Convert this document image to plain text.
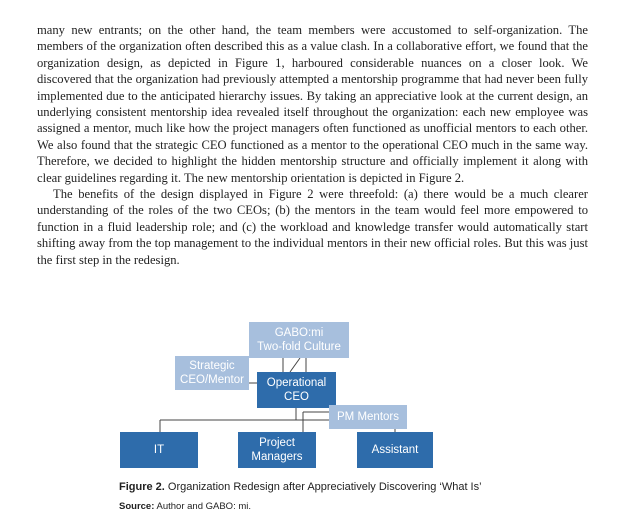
many new entrants; on the other hand, the team members were accustomed to self-organization. The members of the organization often described this as a value clash. In a collaborative effort, we found that the organization design, as depicted in Figure 1, harboured considerable nuances on a closer look. We discovered that the organization had previously attempted a mentorship programme that had never been fully implemented due to the anticipated hierarchy issues. By taking an appreciative look at the current design, an underlying consistent mentorship idea revealed itself throughout the organization: each new employee was assigned a mentor, much like how the project managers often functioned as unofficial mentors to each other. We also found that the strategic CEO functioned as a mentor to the operational CEO much in the same way. Therefore, we decided to highlight the hidden mentorship structure and officially implement it along with clear guidelines regarding it. The new mentorship orientation is depicted in Figure 2.

The benefits of the design displayed in Figure 2 were threefold: (a) there would be a much clearer understanding of the roles of the two CEOs; (b) the mentors in the team would feel more empowered to function in a fluid leadership role; and (c) the workload and knowledge transfer would automatically start shifting away from the top management to the individual mentors in their new official roles. But this was just the first step in the redesign.

GABO:mi
Two-fold Culture
Strategic
CEO/Mentor Operational
CEO
PM Mentors
IT
Project
Managers
Assistant
Figure 2. Organization Redesign after Appreciatively Discovering ‘What Is’
Source: Author and GABO: mi.
